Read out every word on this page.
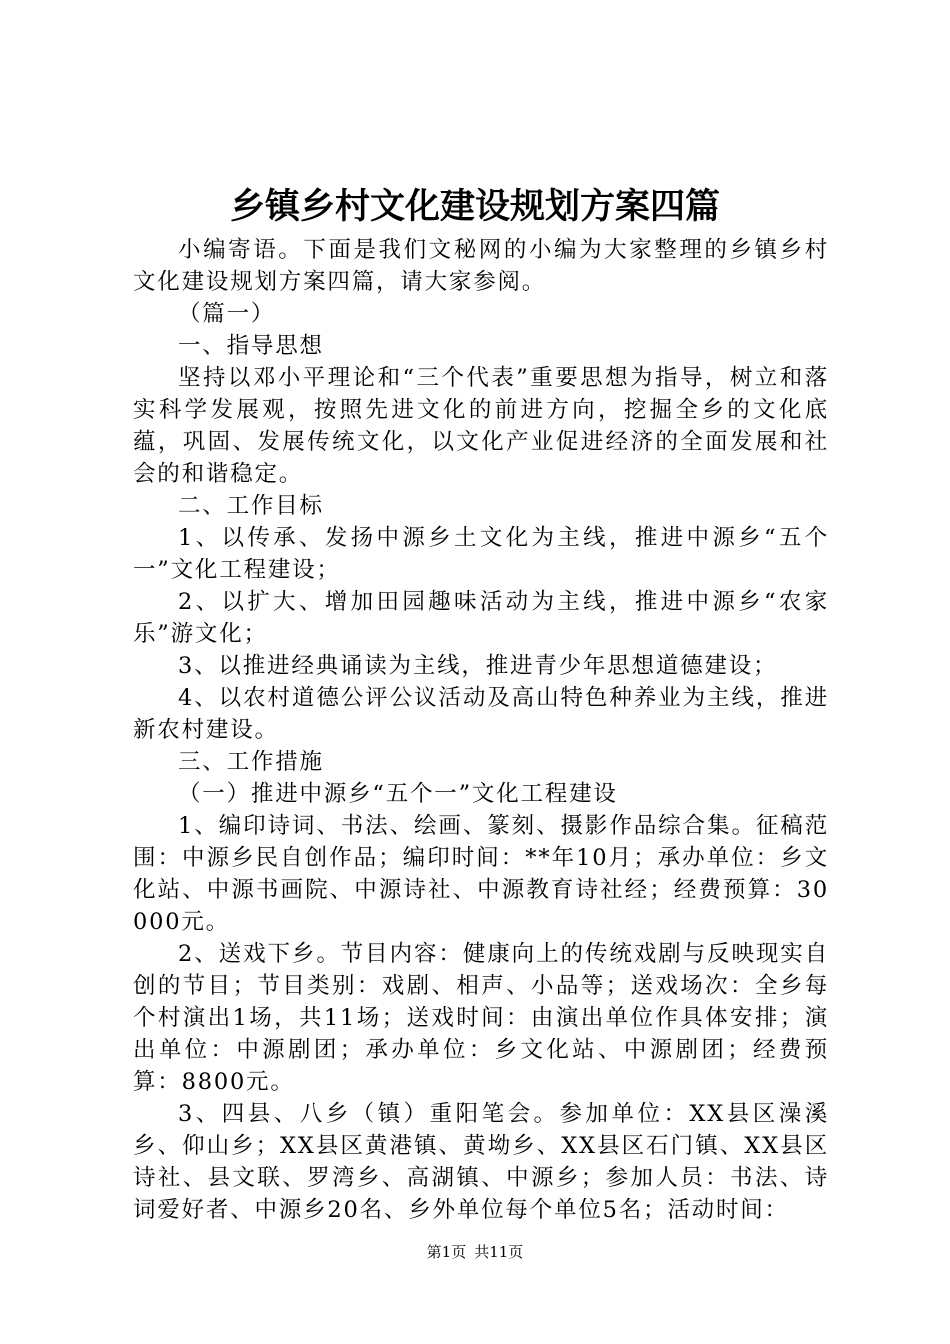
乡镇乡村文化建设规划方案四篇

小编寄语。下面是我们文秘网的小编为大家整理的乡镇乡村文化建设规划方案四篇，请大家参阅。

（篇一）

一、指导思想

坚持以邓小平理论和“三个代表”重要思想为指导，树立和落实科学发展观，按照先进文化的前进方向，挖掘全乡的文化底蕴，巩固、发展传统文化，以文化产业促进经济的全面发展和社会的和谐稳定。

二、工作目标

1、以传承、发扬中源乡土文化为主线，推进中源乡“五个一”文化工程建设；

2、以扩大、增加田园趣味活动为主线，推进中源乡“农家乐”游文化；

3、以推进经典诵读为主线，推进青少年思想道德建设；

4、以农村道德公评公议活动及高山特色种养业为主线，推进新农村建设。

三、工作措施

（一）推进中源乡“五个一”文化工程建设

1、编印诗词、书法、绘画、篆刻、摄影作品综合集。征稿范围：中源乡民自创作品；编印时间：**年10月；承办单位：乡文化站、中源书画院、中源诗社、中源教育诗社经；经费预算：30000元。

2、送戏下乡。节目内容：健康向上的传统戏剧与反映现实自创的节目；节目类别：戏剧、相声、小品等；送戏场次：全乡每个村演出1场，共11场；送戏时间：由演出单位作具体安排；演出单位：中源剧团；承办单位：乡文化站、中源剧团；经费预算：8800元。

3、四县、八乡（镇）重阳笔会。参加单位：XX县区澡溪乡、仰山乡；XX县区黄港镇、黄坳乡、XX县区石门镇、XX县区诗社、县文联、罗湾乡、高湖镇、中源乡；参加人员：书法、诗词爱好者、中源乡20名、乡外单位每个单位5名；活动时间：

第1页 共11页
